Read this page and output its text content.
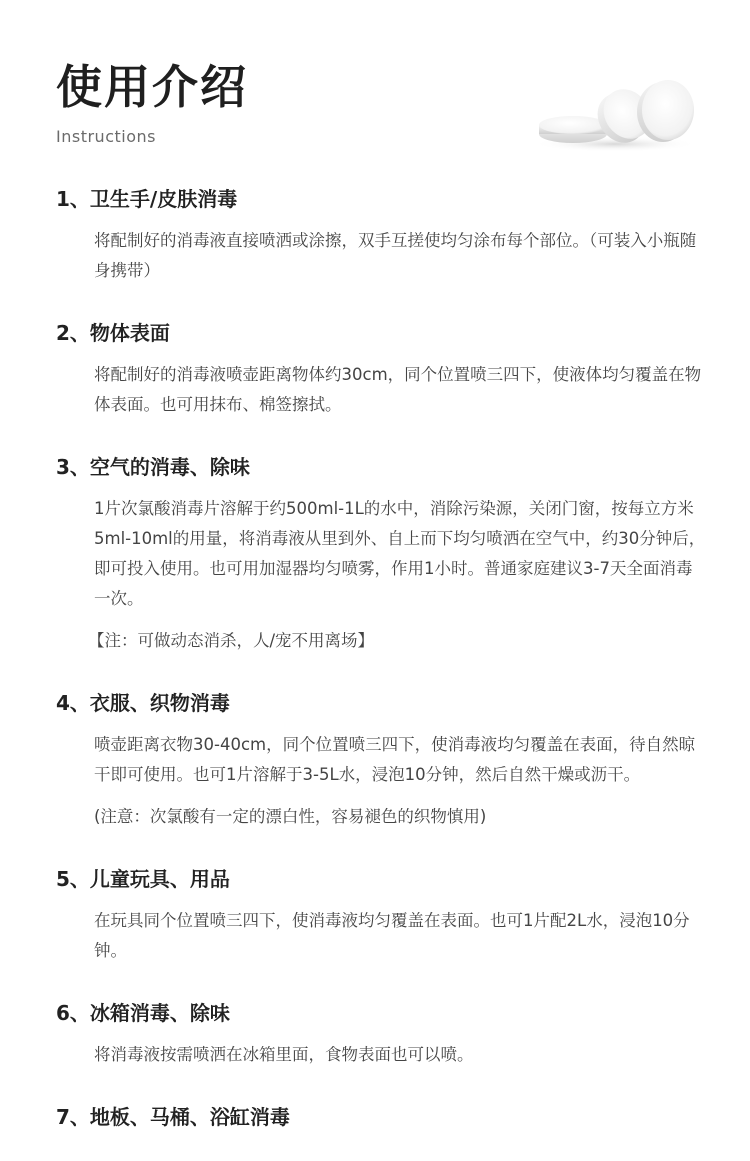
使用介绍
Instructions
1、卫生手/皮肤消毒

将配制好的消毒液直接喷洒或涂擦，双手互搓使均匀涂布每个部位。（可装入小瓶随身携带）

2、物体表面

将配制好的消毒液喷壶距离物体约30cm，同个位置喷三四下，使液体均匀覆盖在物体表面。也可用抹布、棉签擦拭。

3、空气的消毒、除味

1片次氯酸消毒片溶解于约500ml-1L的水中，消除污染源，关闭门窗，按每立方米5ml-10ml的用量，将消毒液从里到外、自上而下均匀喷洒在空气中，约30分钟后，即可投入使用。也可用加湿器均匀喷雾，作用1小时。普通家庭建议3-7天全面消毒一次。

【注：可做动态消杀，人/宠不用离场】
4、衣服、织物消毒

喷壶距离衣物30-40cm，同个位置喷三四下，使消毒液均匀覆盖在表面，待自然晾干即可使用。也可1片溶解于3-5L水，浸泡10分钟，然后自然干燥或沥干。

(注意：次氯酸有一定的漂白性，容易褪色的织物慎用)
5、儿童玩具、用品

在玩具同个位置喷三四下，使消毒液均匀覆盖在表面。也可1片配2L水，浸泡10分钟。

6、冰箱消毒、除味

将消毒液按需喷洒在冰箱里面，食物表面也可以喷。

7、地板、马桶、浴缸消毒
